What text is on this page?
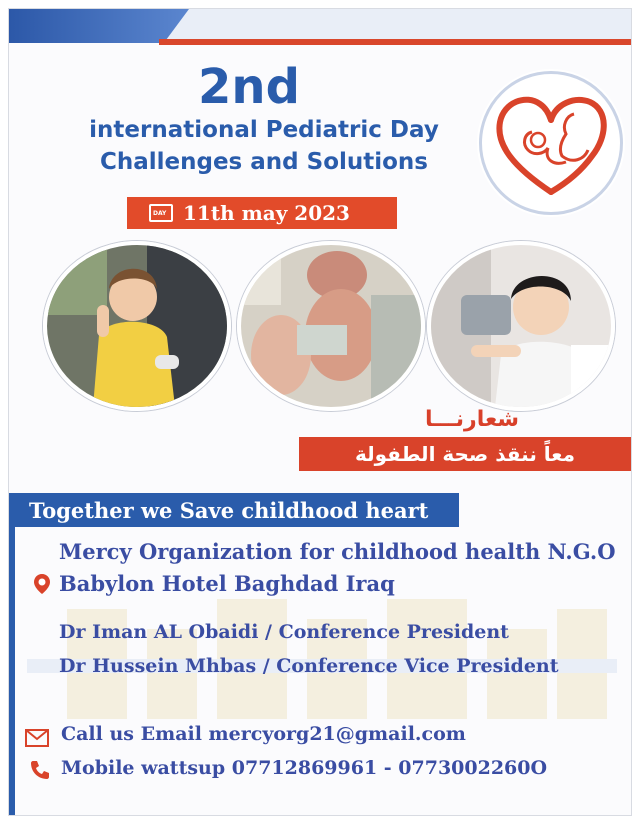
2nd
international Pediatric Day
Challenges and Solutions
DAY
11th may 2023
شعارنـــا
معاً ننقذ صحة الطفولة
Together we Save childhood heart
Mercy Organization for childhood health N.G.O
Babylon Hotel Baghdad Iraq
Dr Iman AL Obaidi / Conference President
Dr Hussein Mhbas / Conference Vice President
Call us Email mercyorg21@gmail.com
Mobile wattsup 07712869961 - 0773002260O
